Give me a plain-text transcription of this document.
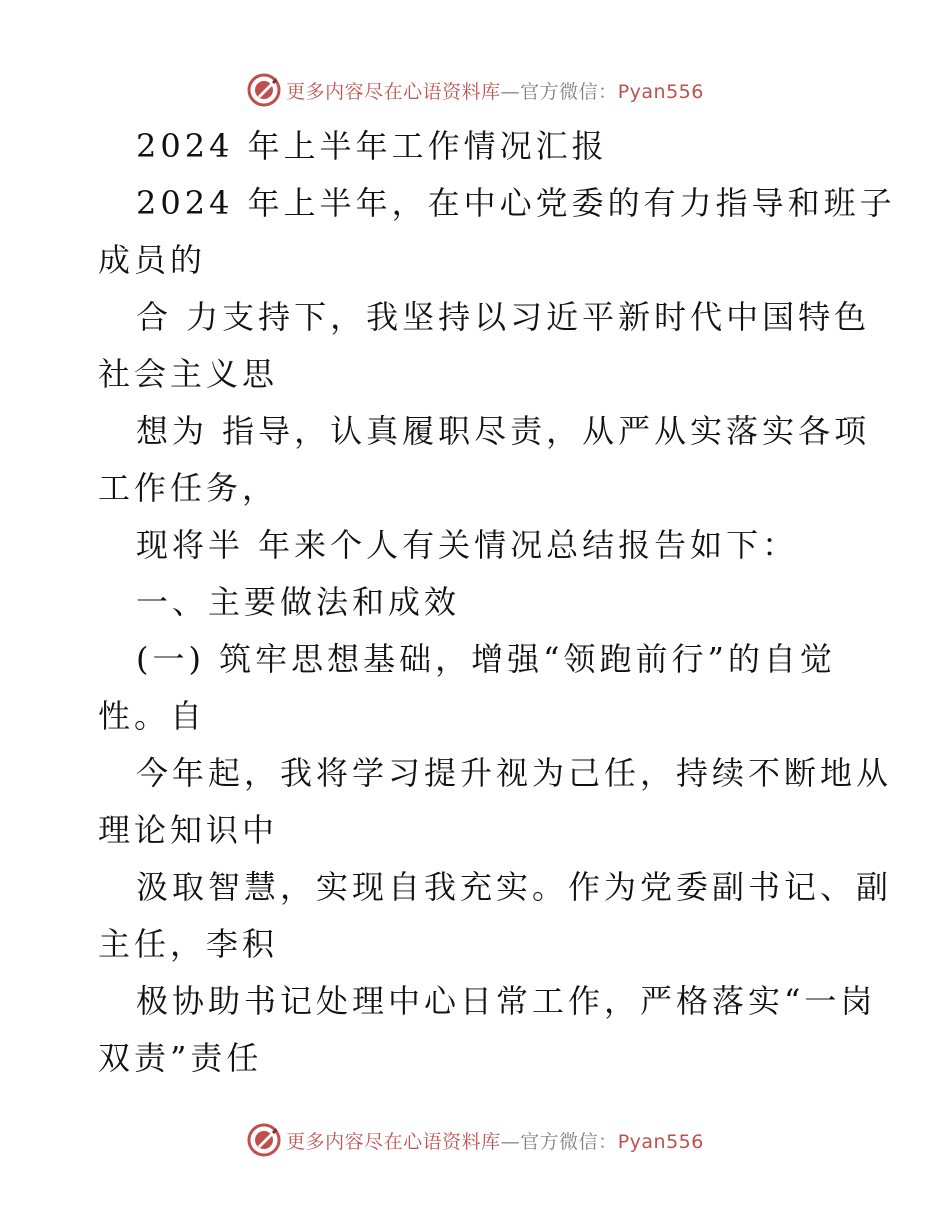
更多内容尽在心语资料库—官方微信：Pyan556
2024 年上半年工作情况汇报
2024 年上半年，在中心党委的有力指导和班子
成员的
合 力支持下，我坚持以习近平新时代中国特色
社会主义思
想为 指导，认真履职尽责，从严从实落实各项
工作任务，
现将半 年来个人有关情况总结报告如下：
一、主要做法和成效
(一) 筑牢思想基础，增强“领跑前行”的自觉
性。自
今年起，我将学习提升视为己任，持续不断地从
理论知识中
汲取智慧，实现自我充实。作为党委副书记、副
主任，李积
极协助书记处理中心日常工作，严格落实“一岗
双责”责任
更多内容尽在心语资料库—官方微信：Pyan556
